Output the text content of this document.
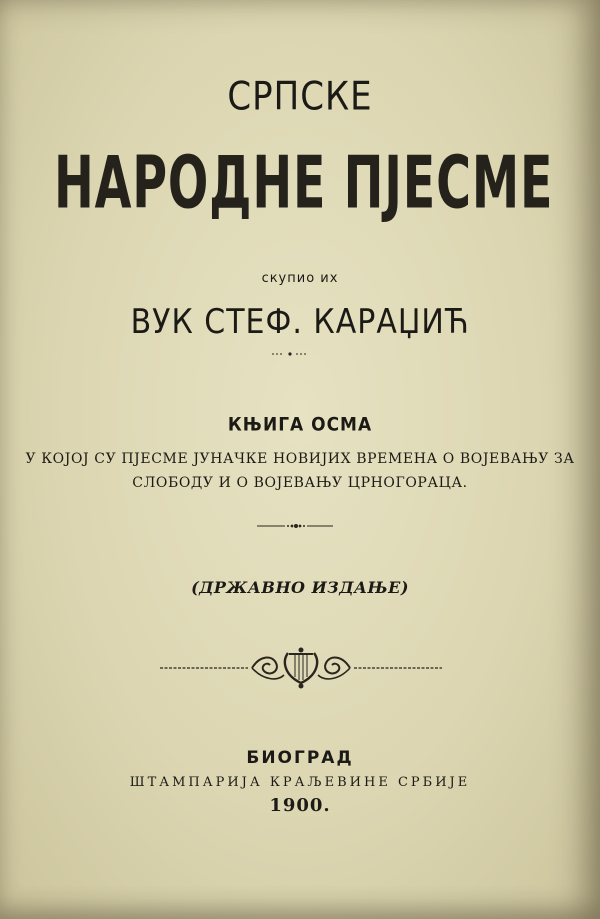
СРПСКЕ
НАРОДНЕ ПЈЕСМЕ
скупио их
ВУК СТЕФ. КАРАЏИЋ
КЊИГА ОСМА
У КОЈОЈ СУ ПЈЕСМЕ ЈУНАЧКЕ НОВИЈИХ ВРЕМЕНА О ВОЈЕВАЊУ ЗА
СЛОБОДУ И О ВОЈЕВАЊУ ЦРНОГОРАЦА.
(ДРЖАВНО ИЗДАЊЕ)
БИОГРАД
ШТАМПАРИЈА КРАЉЕВИНЕ СРБИЈЕ
1900.
